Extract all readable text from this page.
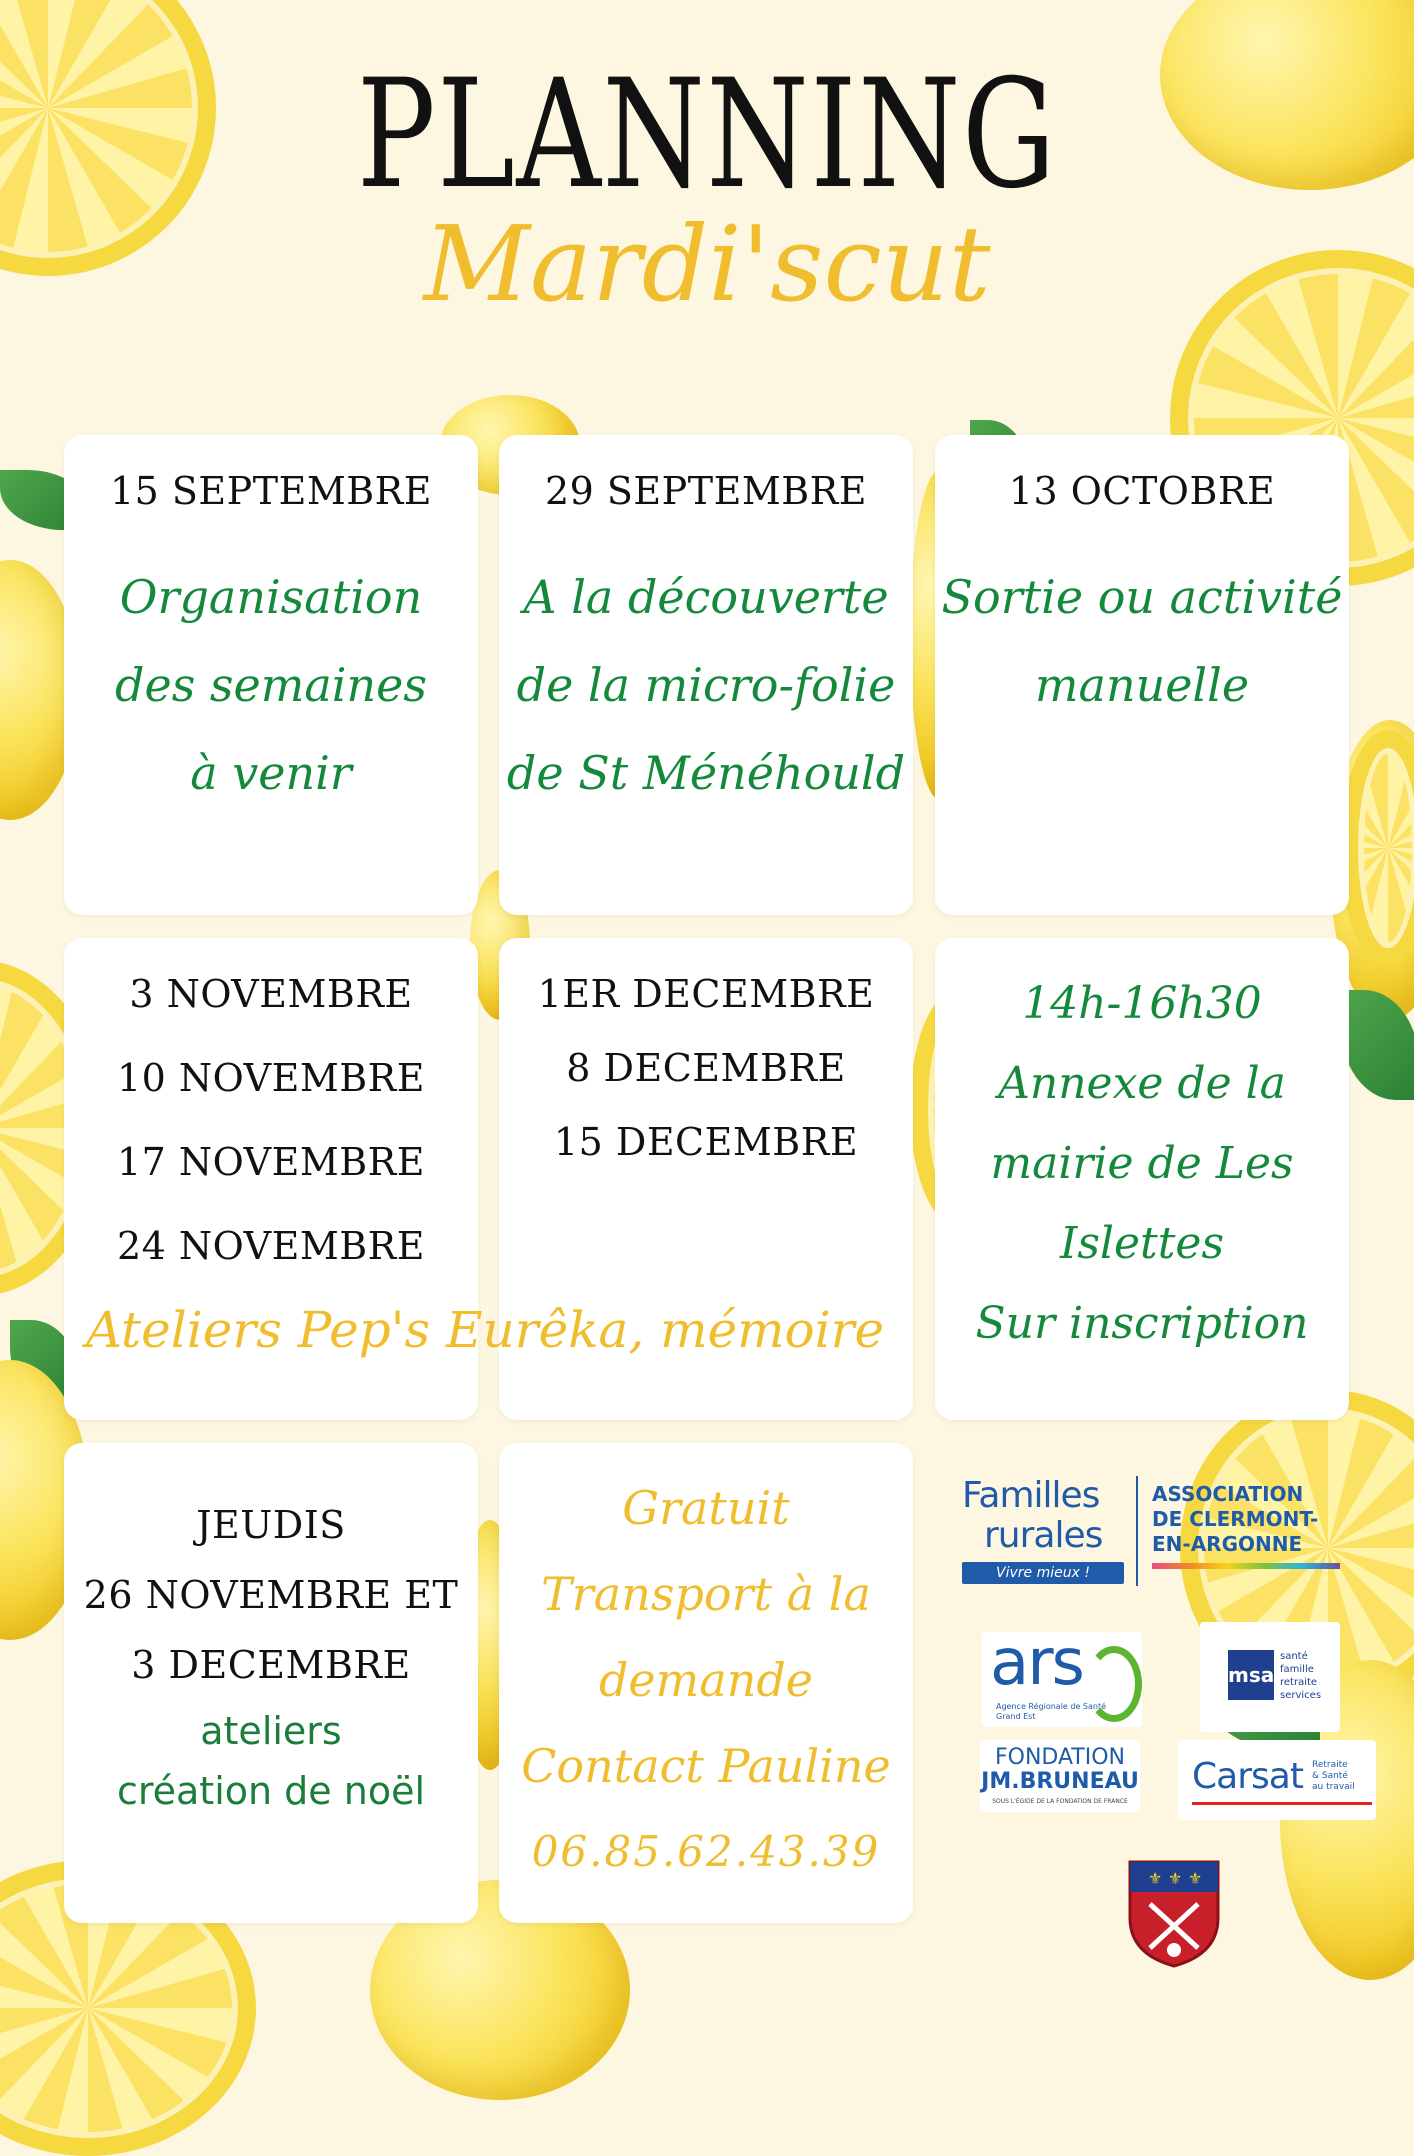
PLANNING
Mardi'scut
15 SEPTEMBRE
Organisation
des semaines
à venir
29 SEPTEMBRE
A la découverte
de la micro-folie
de St Ménéhould
13 OCTOBRE
Sortie ou activité
manuelle
3 NOVEMBRE
10 NOVEMBRE
17 NOVEMBRE
24 NOVEMBRE
1ER DECEMBRE
8 DECEMBRE
15 DECEMBRE
Ateliers Pep's Eurêka, mémoire
14h-16h30
Annexe de la
mairie de Les
Islettes
Sur inscription
JEUDIS
26 NOVEMBRE ET
3 DECEMBRE
ateliers
création de noël
Gratuit
Transport à la
demande
Contact Pauline
06.85.62.43.39
Familles
rurales
Vivre mieux !
ASSOCIATION
DE CLERMONT-
EN-ARGONNE
ars
Agence Régionale de Santé
Grand Est
msa
santé
famille
retraite
services
FONDATION
JM.BRUNEAU
SOUS L'ÉGIDE DE LA FONDATION DE FRANCE
Carsat Retraite
& Santé
au travail
⚜ ⚜ ⚜
